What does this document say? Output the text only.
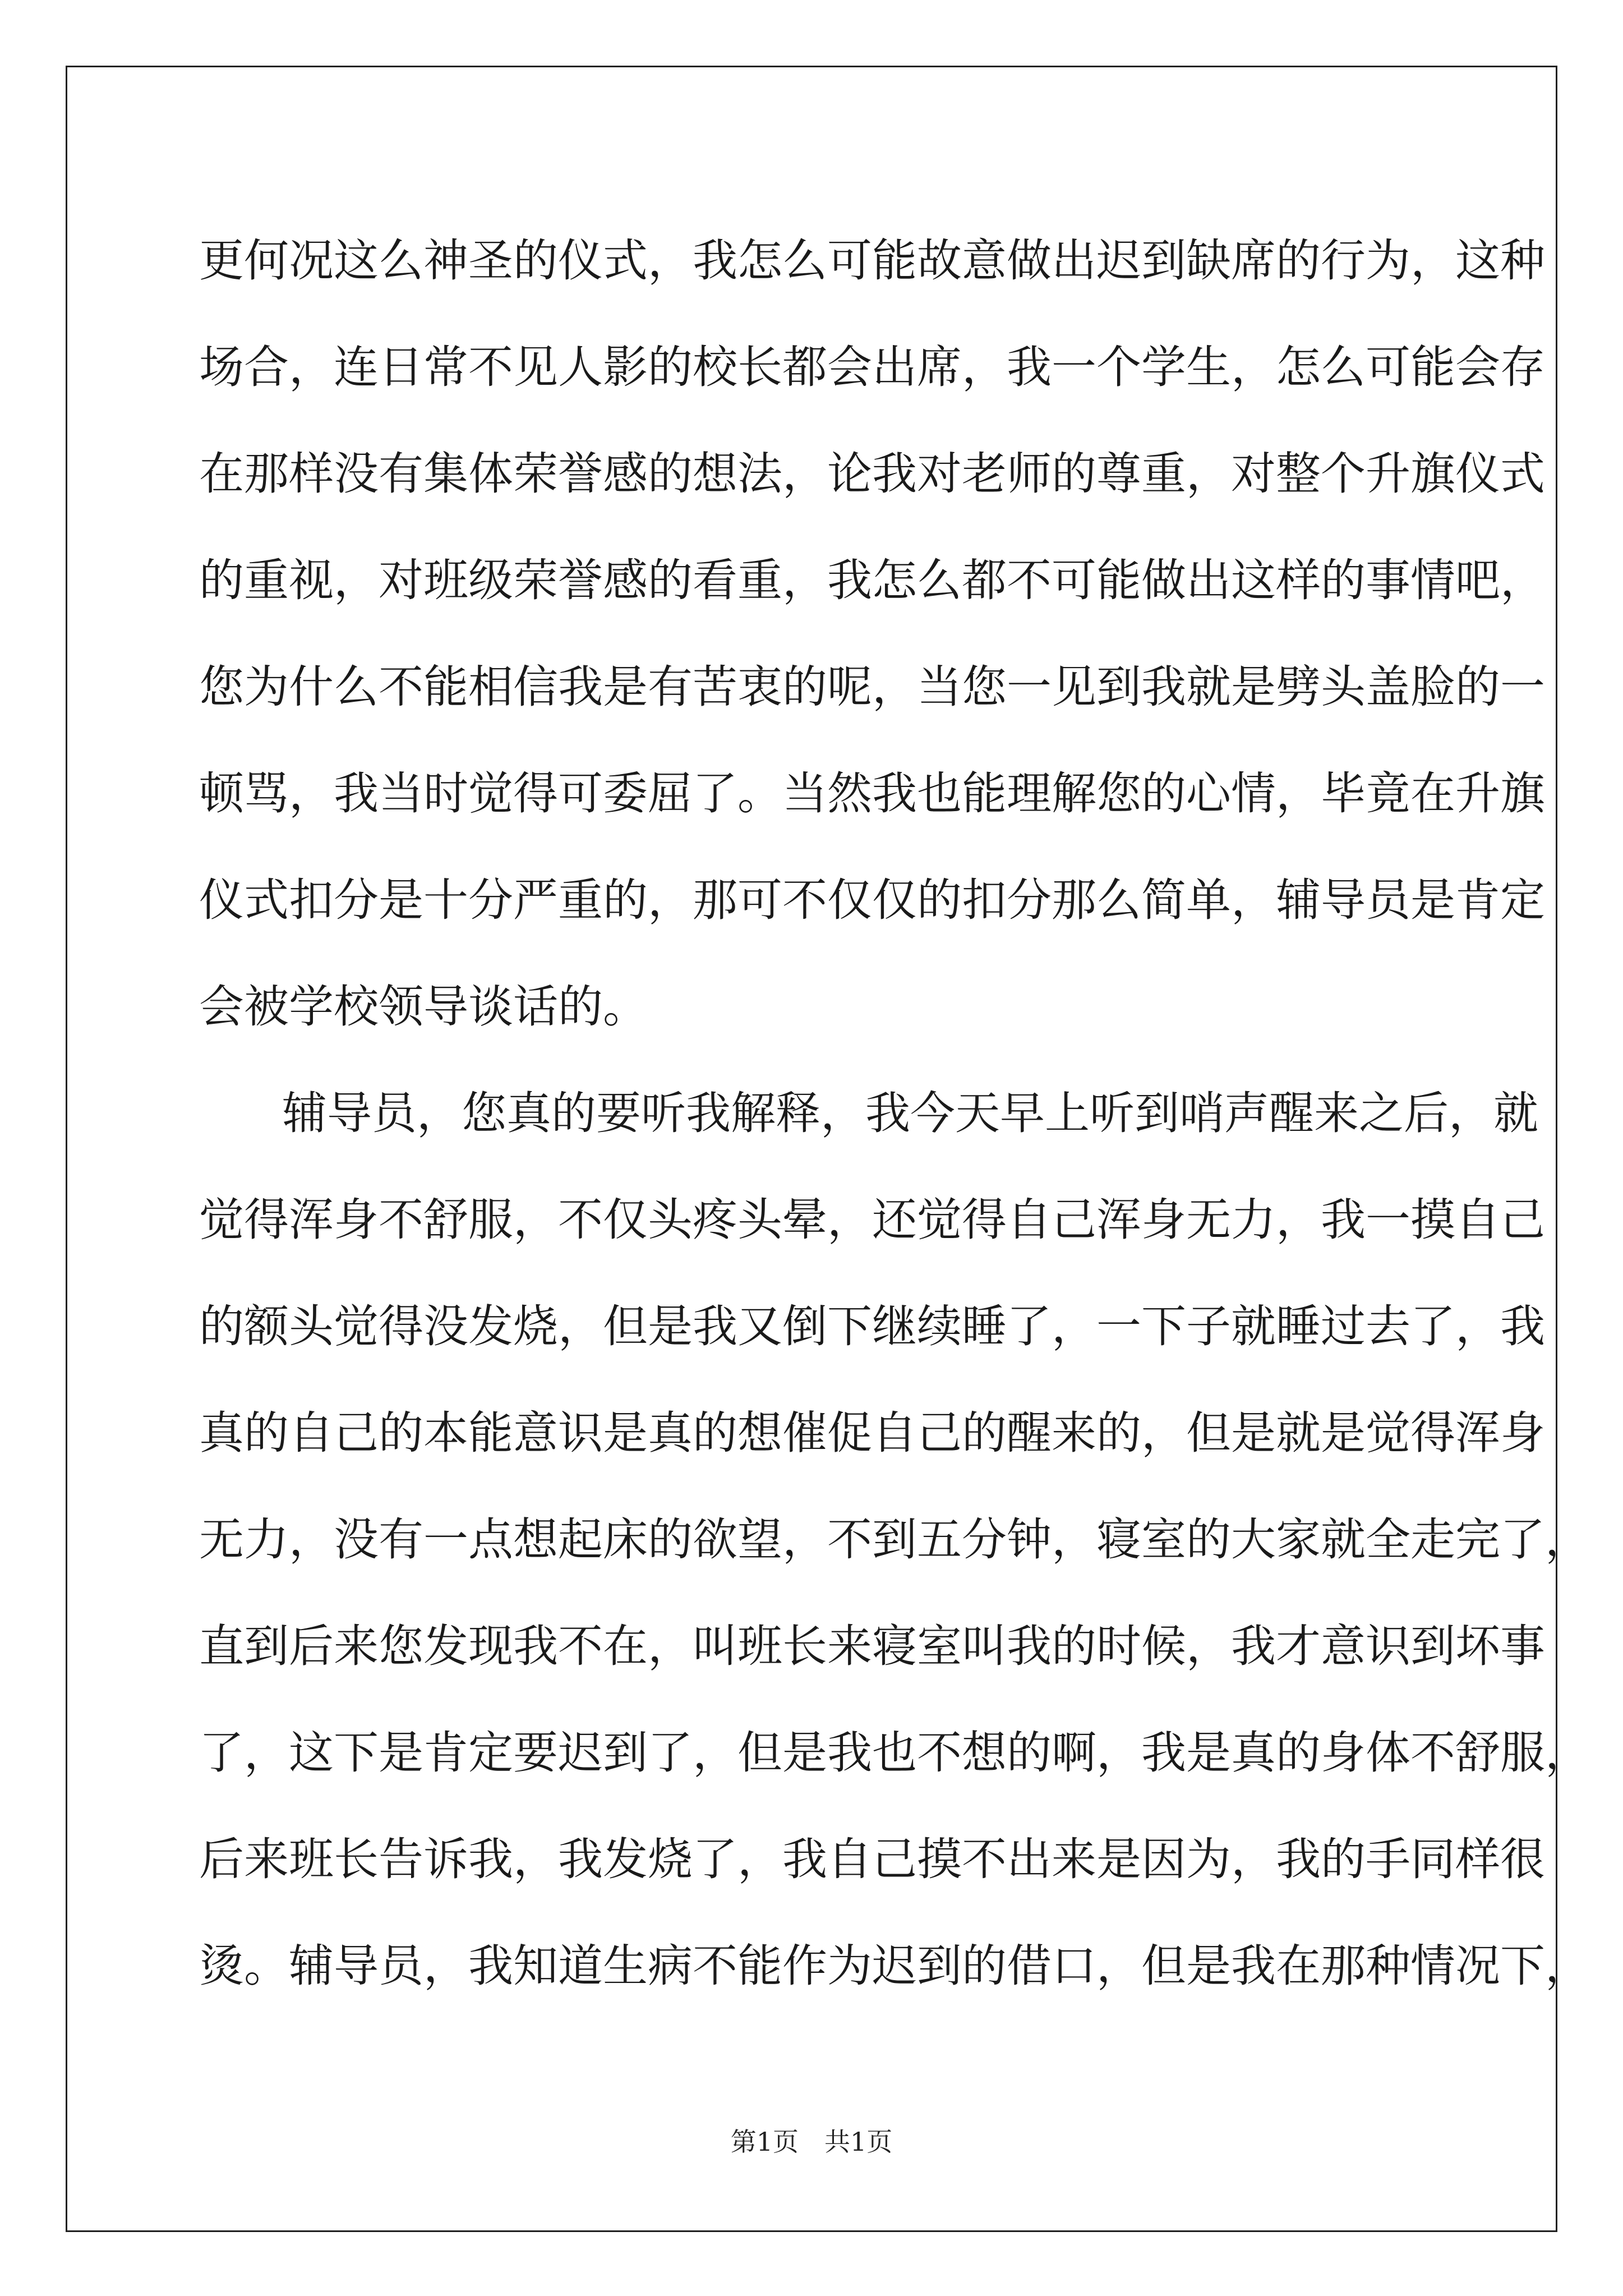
更何况这么神圣的仪式，我怎么可能故意做出迟到缺席的行为，这种
场合，连日常不见人影的校长都会出席，我一个学生，怎么可能会存
在那样没有集体荣誉感的想法，论我对老师的尊重，对整个升旗仪式
的重视，对班级荣誉感的看重，我怎么都不可能做出这样的事情吧，
您为什么不能相信我是有苦衷的呢，当您一见到我就是劈头盖脸的一
顿骂，我当时觉得可委屈了。当然我也能理解您的心情，毕竟在升旗
仪式扣分是十分严重的，那可不仅仅的扣分那么简单，辅导员是肯定
会被学校领导谈话的。
辅导员，您真的要听我解释，我今天早上听到哨声醒来之后，就
觉得浑身不舒服，不仅头疼头晕，还觉得自己浑身无力，我一摸自己
的额头觉得没发烧，但是我又倒下继续睡了，一下子就睡过去了，我
真的自己的本能意识是真的想催促自己的醒来的，但是就是觉得浑身
无力，没有一点想起床的欲望，不到五分钟，寝室的大家就全走完了，
直到后来您发现我不在，叫班长来寝室叫我的时候，我才意识到坏事
了，这下是肯定要迟到了，但是我也不想的啊，我是真的身体不舒服，
后来班长告诉我，我发烧了，我自己摸不出来是因为，我的手同样很
烫。辅导员，我知道生病不能作为迟到的借口，但是我在那种情况下，
第1页　共1页
